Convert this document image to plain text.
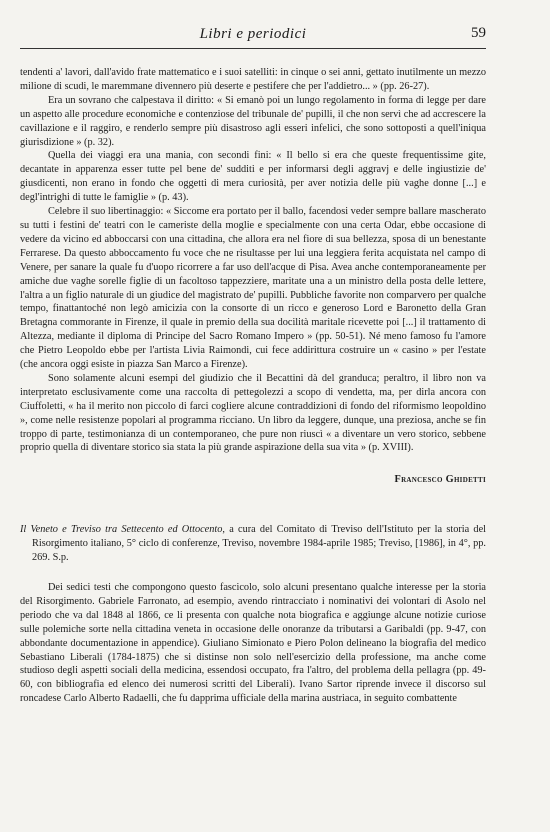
Libri e periodici	59

tendenti a' lavori, dall'avido frate mattematico e i suoi satelliti: in cinque o sei anni, gettato inutilmente un mezzo milione di scudi, le maremmane divennero più deserte e pestifere che per l'addietro... » (pp. 26-27).

Era un sovrano che calpestava il diritto: « Si emanò poi un lungo regolamento in forma di legge per dare un aspetto alle procedure economiche e contenziose del tribunale de' pupilli, il che non servì che ad accrescere la cavillazione e il raggiro, e renderlo sempre più disastroso agli esseri infelici, che sono sottoposti a quell'iniqua giurisdizione » (p. 32).

Quella dei viaggi era una mania, con secondi fini: « Il bello si era che queste frequentissime gite, decantate in apparenza esser tutte pel bene de' sudditi e per informarsi degli aggravj e delle ingiustizie de' giusdicenti, non erano in fondo che oggetti di mera curiosità, per aver notizia delle più vaghe donne [...] e degl'intrighi di tutte le famiglie » (p. 43).

Celebre il suo libertinaggio: « Siccome era portato per il ballo, facendosi veder sempre ballare mascherato su tutti i festini de' teatri con le cameriste della moglie e specialmente con una certa Odar, ebbe occasione di vedere da vicino ed abboccarsi con una cittadina, che allora era nel fiore di sua bellezza, sposa di un benestante Ferrarese. Da questo abboccamento fu voce che ne risultasse per lui una leggiera ferita acquistata nel campo di Venere, per sanare la quale fu d'uopo ricorrere a far uso dell'acque di Pisa. Avea anche contemporaneamente per amiche due vaghe sorelle figlie di un facoltoso tappezziere, maritate una a un ministro della posta delle lettere, l'altra a un figlio naturale di un giudice del magistrato de' pupilli. Pubbliche favorite non comparvero per qualche tempo, finattantoché non legò amicizia con la consorte di un ricco e generoso Lord e Baronetto della Gran Bretagna commorante in Firenze, il quale in premio della sua docilità maritale ricevette poi [...] il trattamento di Altezza, mediante il diploma di Principe del Sacro Romano Impero » (pp. 50-51). Né meno famoso fu l'amore che Pietro Leopoldo ebbe per l'artista Livia Raimondi, cui fece addirittura costruire un « casino » per l'estate (che ancora oggi esiste in piazza San Marco a Firenze).

Sono solamente alcuni esempi del giudizio che il Becattini dà del granduca; peraltro, il libro non va interpretato esclusivamente come una raccolta di pettegolezzi a scopo di vendetta, ma, per dirla ancora con Ciuffoletti, « ha il merito non piccolo di farci cogliere alcune contraddizioni di fondo del riformismo leopoldino », come nelle resistenze popolari al programma ricciano. Un libro da leggere, dunque, una preziosa, anche se fin troppo di parte, testimonianza di un contemporaneo, che pure non riuscì « a diventare un vero storico, sebbene proprio quella di diventare storico sia stata la più grande aspirazione della sua vita » (p. XVIII).

Francesco Ghidetti

Il Veneto e Treviso tra Settecento ed Ottocento, a cura del Comitato di Treviso dell'Istituto per la storia del Risorgimento italiano, 5° ciclo di conferenze, Treviso, novembre 1984-aprile 1985; Treviso, [1986], in 4°, pp. 269. S.p.

Dei sedici testi che compongono questo fascicolo, solo alcuni presentano qualche interesse per la storia del Risorgimento. Gabriele Farronato, ad esempio, avendo rintracciato i nominativi dei volontari di Asolo nel periodo che va dal 1848 al 1866, ce li presenta con qualche nota biografica e aggiunge alcune notizie curiose sulle polemiche sorte nella cittadina veneta in occasione delle onoranze da tributarsi a Garibaldi (pp. 9-47, con abbondante documentazione in appendice). Giuliano Simionato e Piero Polon delineano la biografia del medico Sebastiano Liberali (1784-1875) che si distinse non solo nell'esercizio della professione, ma anche come studioso degli aspetti sociali della medicina, essendosi occupato, fra l'altro, del problema della pellagra (pp. 49-60, con bibliografia ed elenco dei numerosi scritti del Liberali). Ivano Sartor riprende invece il discorso sul roncadese Carlo Alberto Radaelli, che fu dapprima ufficiale della marina austriaca, in seguito combattente
